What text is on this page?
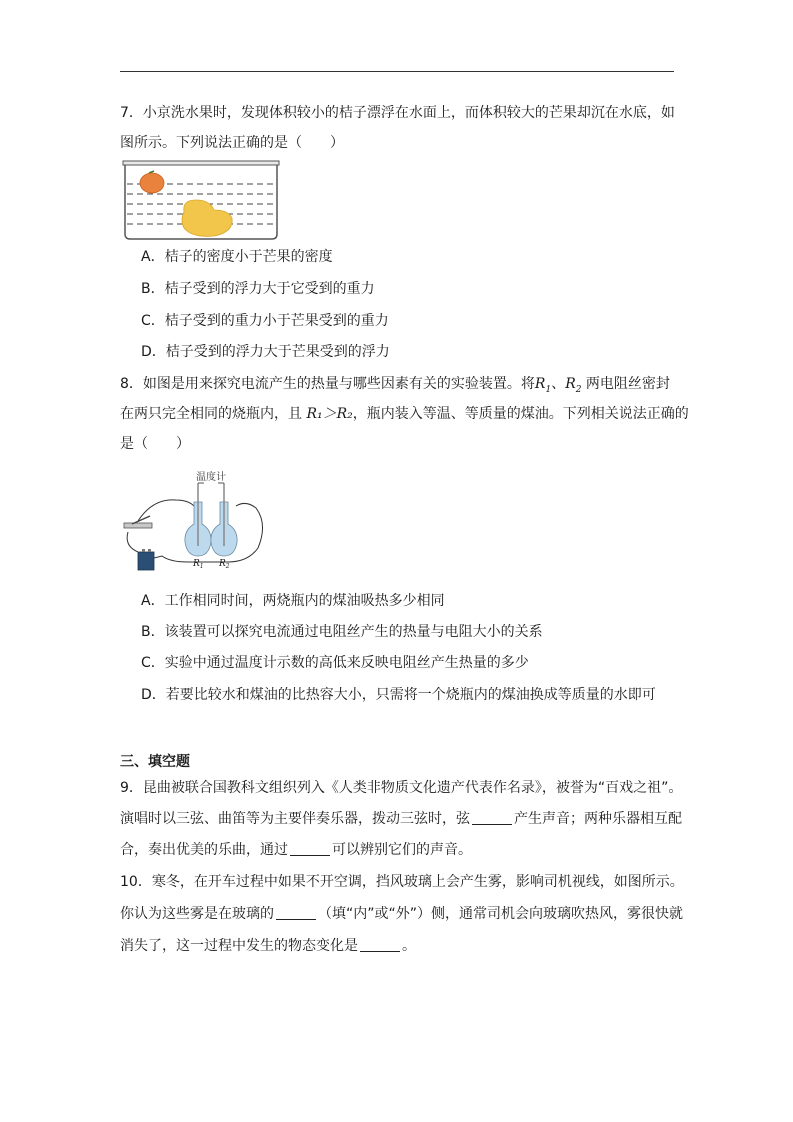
7．小京洗水果时，发现体积较小的桔子漂浮在水面上，而体积较大的芒果却沉在水底，如
图所示。下列说法正确的是（　　）
A．桔子的密度小于芒果的密度
B．桔子受到的浮力大于它受到的重力
C．桔子受到的重力小于芒果受到的重力
D．桔子受到的浮力大于芒果受到的浮力
8．如图是用来探究电流产生的热量与哪些因素有关的实验装置。将$R_1$、$R_2$ 两电阻丝密封
在两只完全相同的烧瓶内，且 R₁＞R₂，瓶内装入等温、等质量的煤油。下列相关说法正确的
是（　　）
温度计
$R_1$ $R_2$
A．工作相同时间，两烧瓶内的煤油吸热多少相同
B．该装置可以探究电流通过电阻丝产生的热量与电阻大小的关系
C．实验中通过温度计示数的高低来反映电阻丝产生热量的多少
D．若要比较水和煤油的比热容大小，只需将一个烧瓶内的煤油换成等质量的水即可
三、填空题
9．昆曲被联合国教科文组织列入《人类非物质文化遗产代表作名录》，被誉为“百戏之祖”。
演唱时以三弦、曲笛等为主要伴奏乐器，拨动三弦时，弦	产生声音；两种乐器相互配
合，奏出优美的乐曲，通过	可以辨别它们的声音。
10．寒冬，在开车过程中如果不开空调，挡风玻璃上会产生雾，影响司机视线，如图所示。
你认为这些雾是在玻璃的	（填“内”或“外”）侧，通常司机会向玻璃吹热风，雾很快就
消失了，这一过程中发生的物态变化是	。
